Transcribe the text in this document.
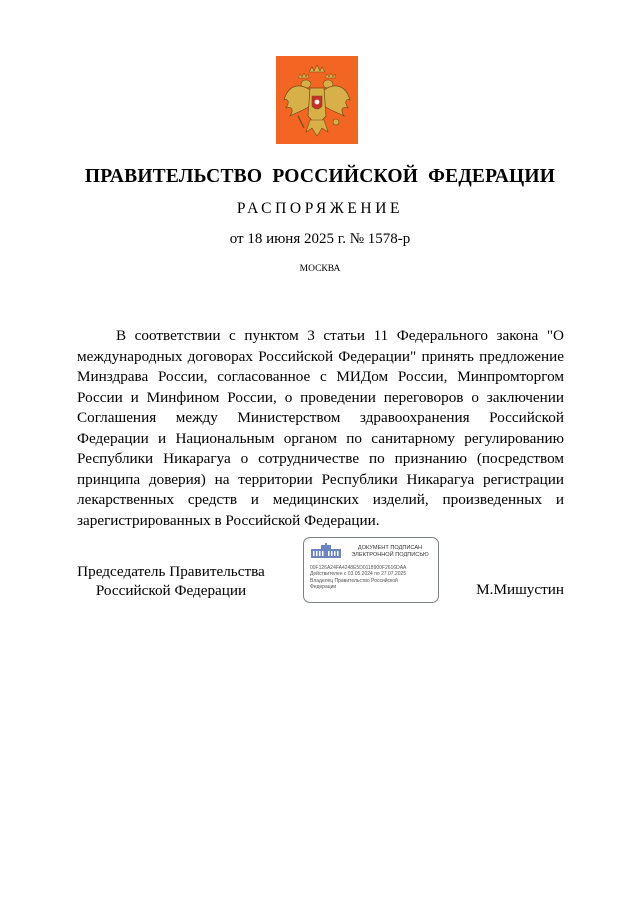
ПРАВИТЕЛЬСТВО РОССИЙСКОЙ ФЕДЕРАЦИИ
РАСПОРЯЖЕНИЕ
от 18 июня 2025 г. № 1578-р
МОСКВА
В соответствии с пунктом 3 статьи 11 Федерального закона "О международных договорах Российской Федерации" принять предложение Минздрава России, согласованное с МИДом России, Минпромторгом России и Минфином России, о проведении переговоров о заключении Соглашения между Министерством здравоохранения Российской Федерации и Национальным органом по санитарному регулированию Республики Никарагуа о сотрудничестве по признанию (посредством принципа доверия) на территории Республики Никарагуа регистрации лекарственных средств и медицинских изделий, произведенных и зарегистрированных в Российской Федерации.
Председатель Правительства
Российской Федерации
ДОКУМЕНТ ПОДПИСАН
ЭЛЕКТРОННОЙ ПОДПИСЬЮ
00F126A24FA4248E5D0118900F2616DAA
Действителен с 03.05.2024 по 27.07.2025
Владелец Правительство Российской
Федерации	М.Мишустин
